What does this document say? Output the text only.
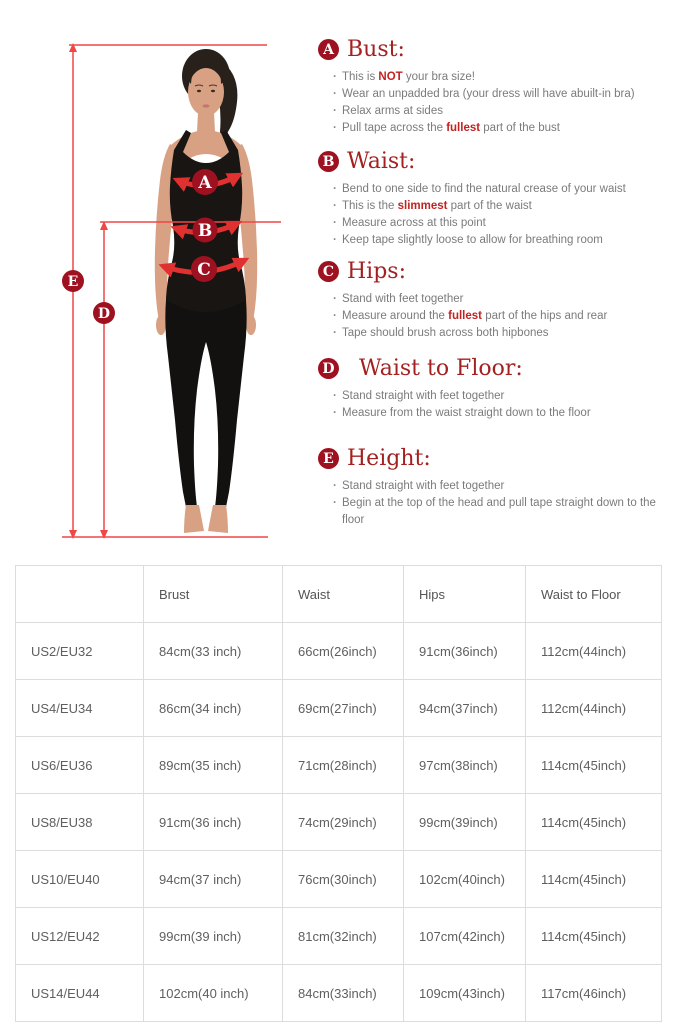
A
B
C
D
E
A Bust:
· This is NOT your bra size!
· Wear an unpadded bra (your dress will have abuilt-in bra)
· Relax arms at sides
· Pull tape across the fullest part of the bust
B Waist:
· Bend to one side to find the natural crease of your waist
· This is the slimmest part of the waist
· Measure across at this point
· Keep tape slightly loose to allow for breathing room
C Hips:
· Stand with feet together
· Measure around the fullest part of the hips and rear
· Tape should brush across both hipbones
D Waist to Floor:
· Stand straight with feet together
· Measure from the waist straight down to the floor
E Height:
· Stand straight with feet together
· Begin at the top of the head and pull tape straight down to the floor
	Brust	Waist	Hips	Waist to Floor
US2/EU32	84cm(33 inch)	66cm(26inch)	91cm(36inch)	112cm(44inch)
US4/EU34	86cm(34 inch)	69cm(27inch)	94cm(37inch)	112cm(44inch)
US6/EU36	89cm(35 inch)	71cm(28inch)	97cm(38inch)	114cm(45inch)
US8/EU38	91cm(36 inch)	74cm(29inch)	99cm(39inch)	114cm(45inch)
US10/EU40	94cm(37 inch)	76cm(30inch)	102cm(40inch)	114cm(45inch)
US12/EU42	99cm(39 inch)	81cm(32inch)	107cm(42inch)	114cm(45inch)
US14/EU44	102cm(40 inch)	84cm(33inch)	109cm(43inch)	117cm(46inch)
